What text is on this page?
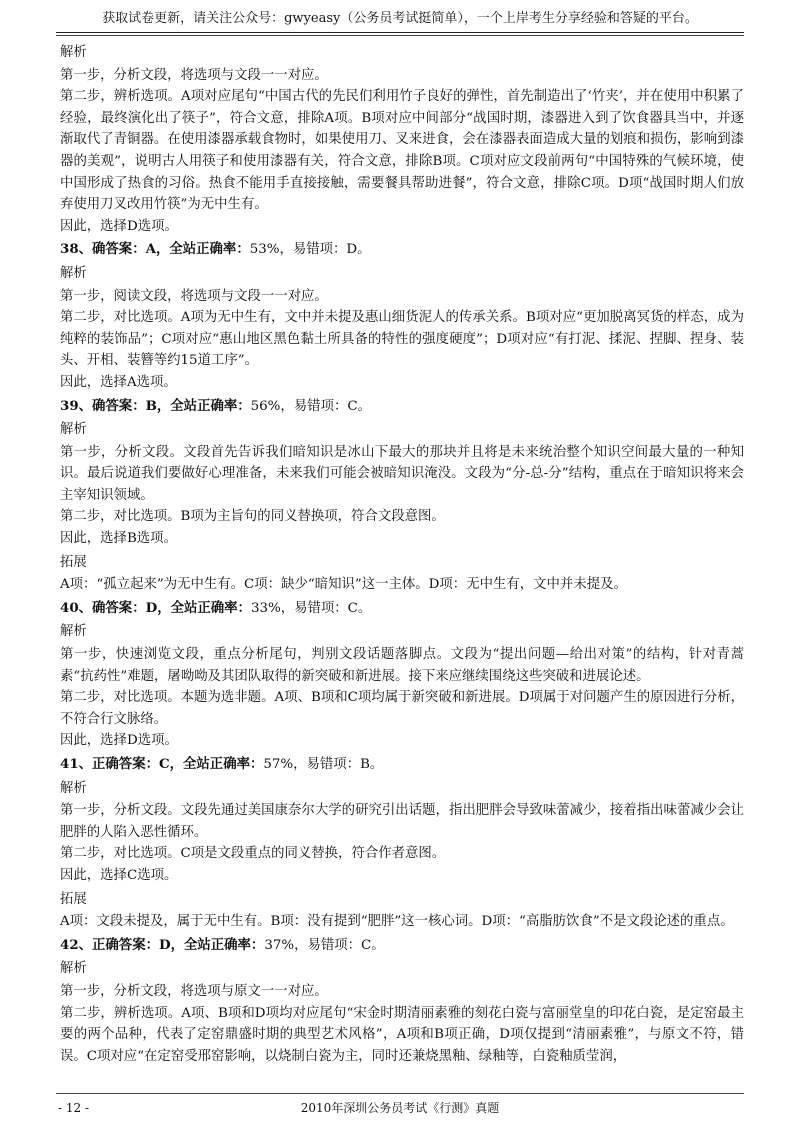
获取试卷更新，请关注公众号：gwyeasy（公务员考试挺简单），一个上岸考生分享经验和答疑的平台。
解析
第一步，分析文段，将选项与文段一一对应。
第二步，辨析选项。A项对应尾句“中国古代的先民们利用竹子良好的弹性，首先制造出了‘竹夹’，并在使用中积累了经验，最终演化出了筷子”，符合文意，排除A项。B项对应中间部分“战国时期，漆器进入到了饮食器具当中，并逐渐取代了青铜器。在使用漆器承载食物时，如果使用刀、叉来进食，会在漆器表面造成大量的划痕和损伤，影响到漆器的美观”，说明古人用筷子和使用漆器有关，符合文意，排除B项。C项对应文段前两句“中国特殊的气候环境，使中国形成了热食的习俗。热食不能用手直接接触，需要餐具帮助进餐”，符合文意，排除C项。D项“战国时期人们放弃使用刀叉改用竹筷”为无中生有。
因此，选择D选项。
38、确答案：A，全站正确率：53%，易错项：D。
解析
第一步，阅读文段，将选项与文段一一对应。
第二步，对比选项。A项为无中生有，文中并未提及惠山细货泥人的传承关系。B项对应“更加脱离冥货的样态，成为纯粹的装饰品”；C项对应“惠山地区黑色黏土所具备的特性的强度硬度”；D项对应“有打泥、揉泥、捏脚、捏身、装头、开相、装簪等约15道工序”。
因此，选择A选项。
39、确答案：B，全站正确率：56%，易错项：C。
解析
第一步，分析文段。文段首先告诉我们暗知识是冰山下最大的那块并且将是未来统治整个知识空间最大量的一种知识。最后说道我们要做好心理准备，未来我们可能会被暗知识淹没。文段为“分-总-分”结构，重点在于暗知识将来会主宰知识领域。
第二步，对比选项。B项为主旨句的同义替换项，符合文段意图。
因此，选择B选项。
拓展
A项：“孤立起来”为无中生有。C项：缺少“暗知识”这一主体。D项：无中生有，文中并未提及。
40、确答案：D，全站正确率：33%，易错项：C。
解析
第一步，快速浏览文段，重点分析尾句，判别文段话题落脚点。文段为“提出问题—给出对策”的结构，针对青蒿素“抗药性”难题，屠呦呦及其团队取得的新突破和新进展。接下来应继续围绕这些突破和进展论述。
第二步，对比选项。本题为选非题。A项、B项和C项均属于新突破和新进展。D项属于对问题产生的原因进行分析，不符合行文脉络。
因此，选择D选项。
41、正确答案：C，全站正确率：57%，易错项：B。
解析
第一步，分析文段。文段先通过美国康奈尔大学的研究引出话题，指出肥胖会导致味蕾减少，接着指出味蕾减少会让肥胖的人陷入恶性循环。
第二步，对比选项。C项是文段重点的同义替换，符合作者意图。
因此，选择C选项。
拓展
A项：文段未提及，属于无中生有。B项：没有提到“肥胖”这一核心词。D项：“高脂肪饮食”不是文段论述的重点。
42、正确答案：D，全站正确率：37%，易错项：C。
解析
第一步，分析文段，将选项与原文一一对应。
第二步，辨析选项。A项、B项和D项均对应尾句“宋金时期清丽素雅的刻花白瓷与富丽堂皇的印花白瓷，是定窑最主要的两个品种，代表了定窑鼎盛时期的典型艺术风格”，A项和B项正确，D项仅提到“清丽素雅”，与原文不符，错误。C项对应“在定窑受邢窑影响，以烧制白瓷为主，同时还兼烧黑釉、绿釉等，白瓷釉质莹润，
- 12 -	2010年深圳公务员考试《行测》真题
